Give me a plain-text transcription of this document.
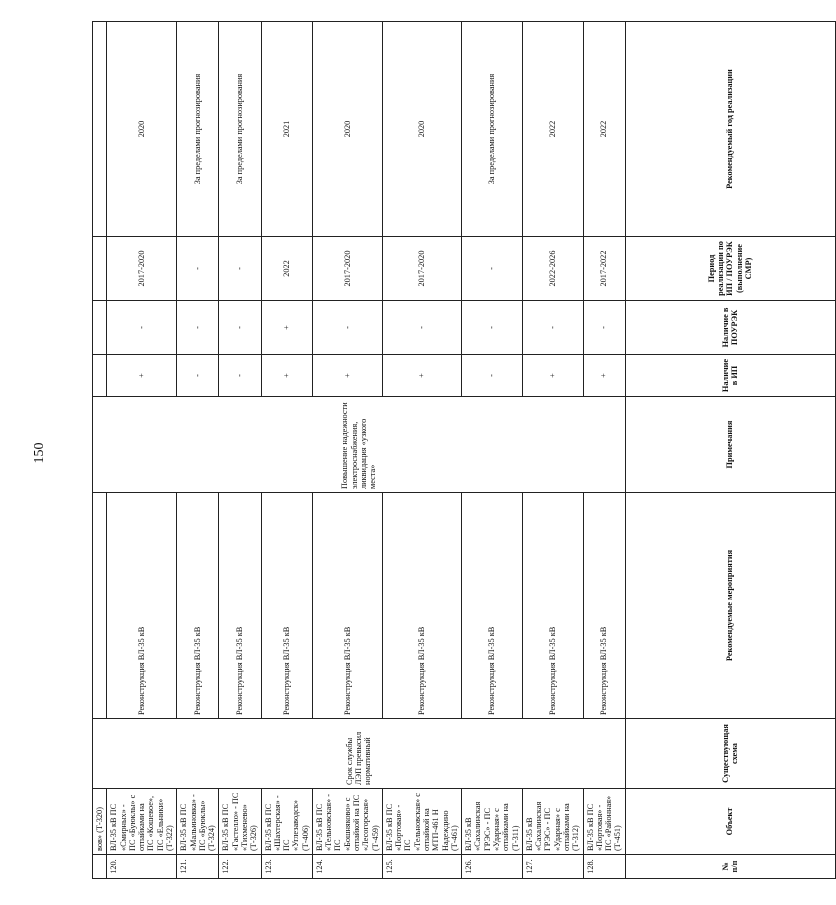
150
	вов» (Т-320)	Срок службы ЛЭП превысил нормативный		Повышение надежности электроснабжения, ликвидация «узкого места»				
120.	ВЛ-35 кВ ПС «Смирных» - ПС «Буюклы» с отпайками на ПС «Кошевое», ПС «Ельники» (Т-322)		Реконструкция ВЛ-35 кВ		+	-	2017-2020	2020
121.	ВЛ-35 кВ ПС «Мальиновка» - ПС «Буюклы» (Т-324)		Реконструкция ВЛ-35 кВ		-	-	-	За пределами прогнозирования
122.	ВЛ-35 кВ ПС «Гастелло» - ПС «Тихменево» (Т-326)		Реконструкция ВЛ-35 кВ		-	-	-	За пределами прогнозирования
123.	ВЛ-35 кВ ПС «Шахтерская» - ПС «Углезаводск» (Т-406)		Реконструкция ВЛ-35 кВ		+	+	2022	2021
124.	ВЛ-35 кВ ПС «Тельновская» - ПС «Бошняково» с отпайкой на ПС «Лесогорская» (Т-459)		Реконструкция ВЛ-35 кВ		+	-	2017-2020	2020
125.	ВЛ-35 кВ ПС «Портовая» - ПС «Тельновская» с отпайкой на МТП-461 Н Надеждино (Т-461)		Реконструкция ВЛ-35 кВ		+	-	2017-2020	2020
126.	ВЛ-35 кВ «Сахалинская ГРЭС» - ПС «Ударная» с отпайками на (Т-311)		Реконструкция ВЛ-35 кВ		-	-	-	За пределами прогнозирования
127.	ВЛ-35 кВ «Сахалинская ГРЭС» - ПС «Ударная» с отпайками на (Т-312)		Реконструкция ВЛ-35 кВ		+	-	2022-2026	2022
128.	ВЛ-35 кВ ПС «Портовая» - ПС «Районная» (Т-451)		Реконструкция ВЛ-35 кВ		+	-	2017-2022	2022
№ п/п	Объект	Существующая схема	Рекомендуемые мероприятия	Примечания	Наличие в ИП	Наличие в ПОУРЭК	Период реализации по ИП / ПОУРЭК (выполнение СМР)	Рекомендуемый год реализации
